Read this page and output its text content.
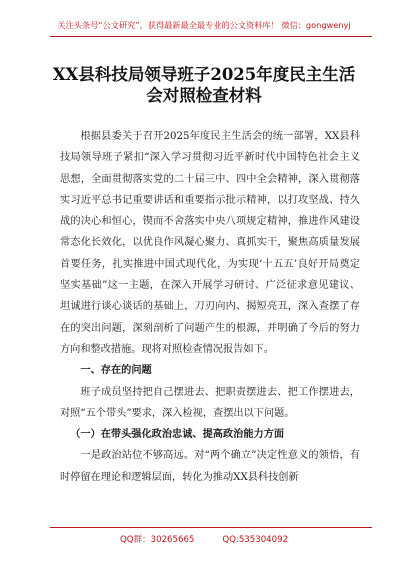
关注头条号“公文研究”，获得最新最全最专业的公文资料库！ 微信：gongwenyj
XX县科技局领导班子2025年度民主生活
会对照检查材料

根据县委关于召开2025年度民主生活会的统一部署，XX县科技局领导班子紧扣“深入学习贯彻习近平新时代中国特色社会主义思想，全面贯彻落实党的二十届三中、四中全会精神，深入贯彻落实习近平总书记重要讲话和重要指示批示精神，以打攻坚战、持久战的决心和恒心，锲而不舍落实中央八项规定精神，推进作风建设常态化长效化，以优良作风凝心聚力、真抓实干，聚焦高质量发展首要任务，扎实推进中国式现代化，为实现‘十五五’良好开局奠定坚实基础”这一主题，在深入开展学习研讨、广泛征求意见建议、坦诚进行谈心谈话的基础上，刀刃向内、揭短亮丑，深入查摆了存在的突出问题，深刻剖析了问题产生的根源，并明确了今后的努力方向和整改措施。现将对照检查情况报告如下。

一、存在的问题

班子成员坚持把自己摆进去、把职责摆进去、把工作摆进去，对照“五个带头”要求，深入检视，查摆出以下问题。

（一）在带头强化政治忠诚、提高政治能力方面

一是政治站位不够高远。对“两个确立”决定性意义的领悟，有时停留在理论和逻辑层面，转化为推动XX县科技创新

QQ群：30265665	QQ:535304092
